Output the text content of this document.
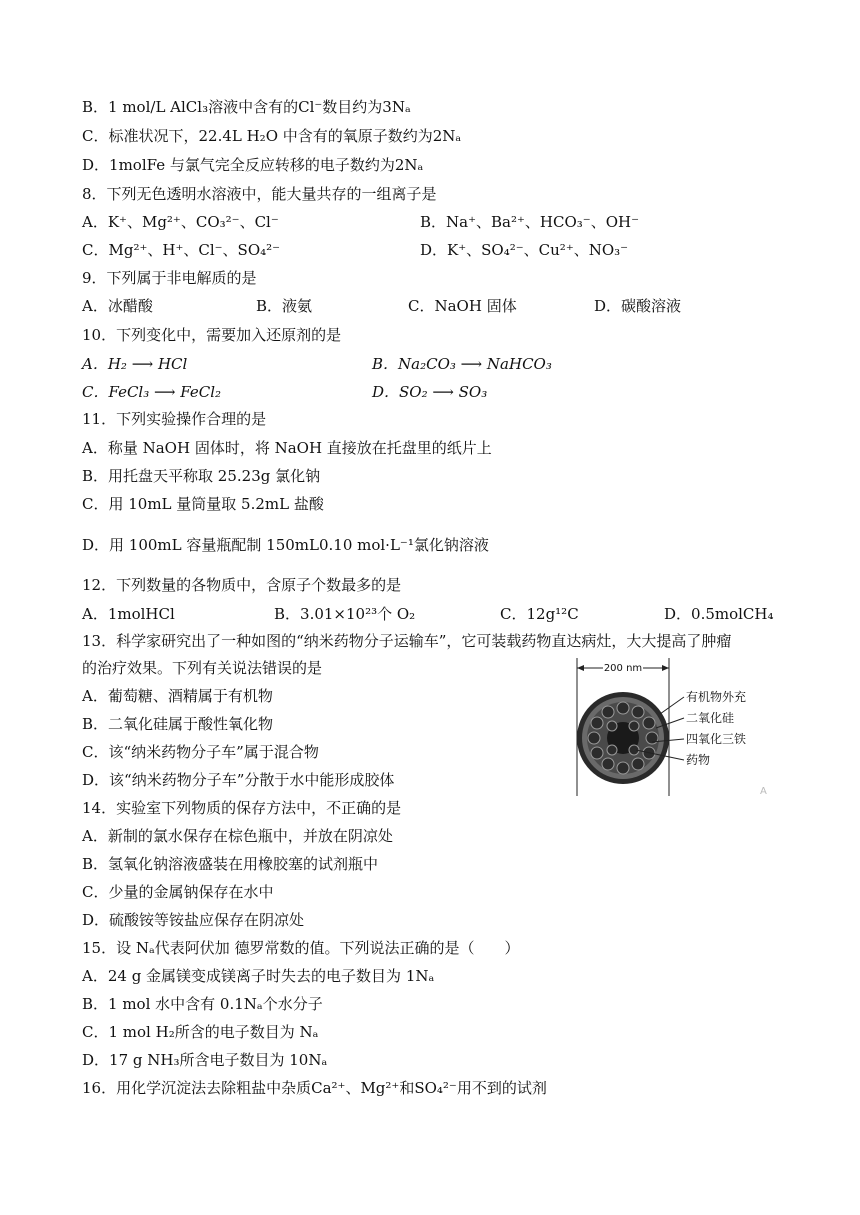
B．1 mol/L AlCl₃溶液中含有的Cl⁻数目约为3Nₐ
C．标准状况下，22.4L H₂O 中含有的氧原子数约为2Nₐ
D．1molFe 与氯气完全反应转移的电子数约为2Nₐ
8．下列无色透明水溶液中，能大量共存的一组离子是
A．K⁺、Mg²⁺、CO₃²⁻、Cl⁻	B．Na⁺、Ba²⁺、HCO₃⁻、OH⁻
C．Mg²⁺、H⁺、Cl⁻、SO₄²⁻	D．K⁺、SO₄²⁻、Cu²⁺、NO₃⁻
9．下列属于非电解质的是
A．冰醋酸	B．液氨	C．NaOH 固体	D．碳酸溶液
10．下列变化中，需要加入还原剂的是
A．H₂ ⟶ HCl	B．Na₂CO₃ ⟶ NaHCO₃
C．FeCl₃ ⟶ FeCl₂	D．SO₂ ⟶ SO₃
11．下列实验操作合理的是
A．称量 NaOH 固体时，将 NaOH 直接放在托盘里的纸片上
B．用托盘天平称取 25.23g 氯化钠
C．用 10mL 量筒量取 5.2mL 盐酸
D．用 100mL 容量瓶配制 150mL0.10 mol·L⁻¹氯化钠溶液
12．下列数量的各物质中，含原子个数最多的是
A．1molHCl	B．3.01×10²³个 O₂	C．12g¹²C	D．0.5molCH₄
13．科学家研究出了一种如图的“纳米药物分子运输车”，它可装载药物直达病灶，大大提高了肿瘤
的治疗效果。下列有关说法错误的是
A．葡萄糖、酒精属于有机物
B．二氧化硅属于酸性氧化物
C．该“纳米药物分子车”属于混合物
D．该“纳米药物分子车”分散于水中能形成胶体
14．实验室下列物质的保存方法中，不正确的是
A．新制的氯水保存在棕色瓶中，并放在阴凉处
B．氢氧化钠溶液盛装在用橡胶塞的试剂瓶中
C．少量的金属钠保存在水中
D．硫酸铵等铵盐应保存在阴凉处
15．设 Nₐ代表阿伏加 德罗常数的值。下列说法正确的是（　　）
A．24 g 金属镁变成镁离子时失去的电子数目为 1Nₐ
B．1 mol 水中含有 0.1Nₐ个水分子
C．1 mol H₂所含的电子数目为 Nₐ
D．17 g NH₃所含电子数目为 10Nₐ
16．用化学沉淀法去除粗盐中杂质Ca²⁺、Mg²⁺和SO₄²⁻用不到的试剂
200 nm
有机物外充
二氧化硅
四氧化三铁
药物
A
